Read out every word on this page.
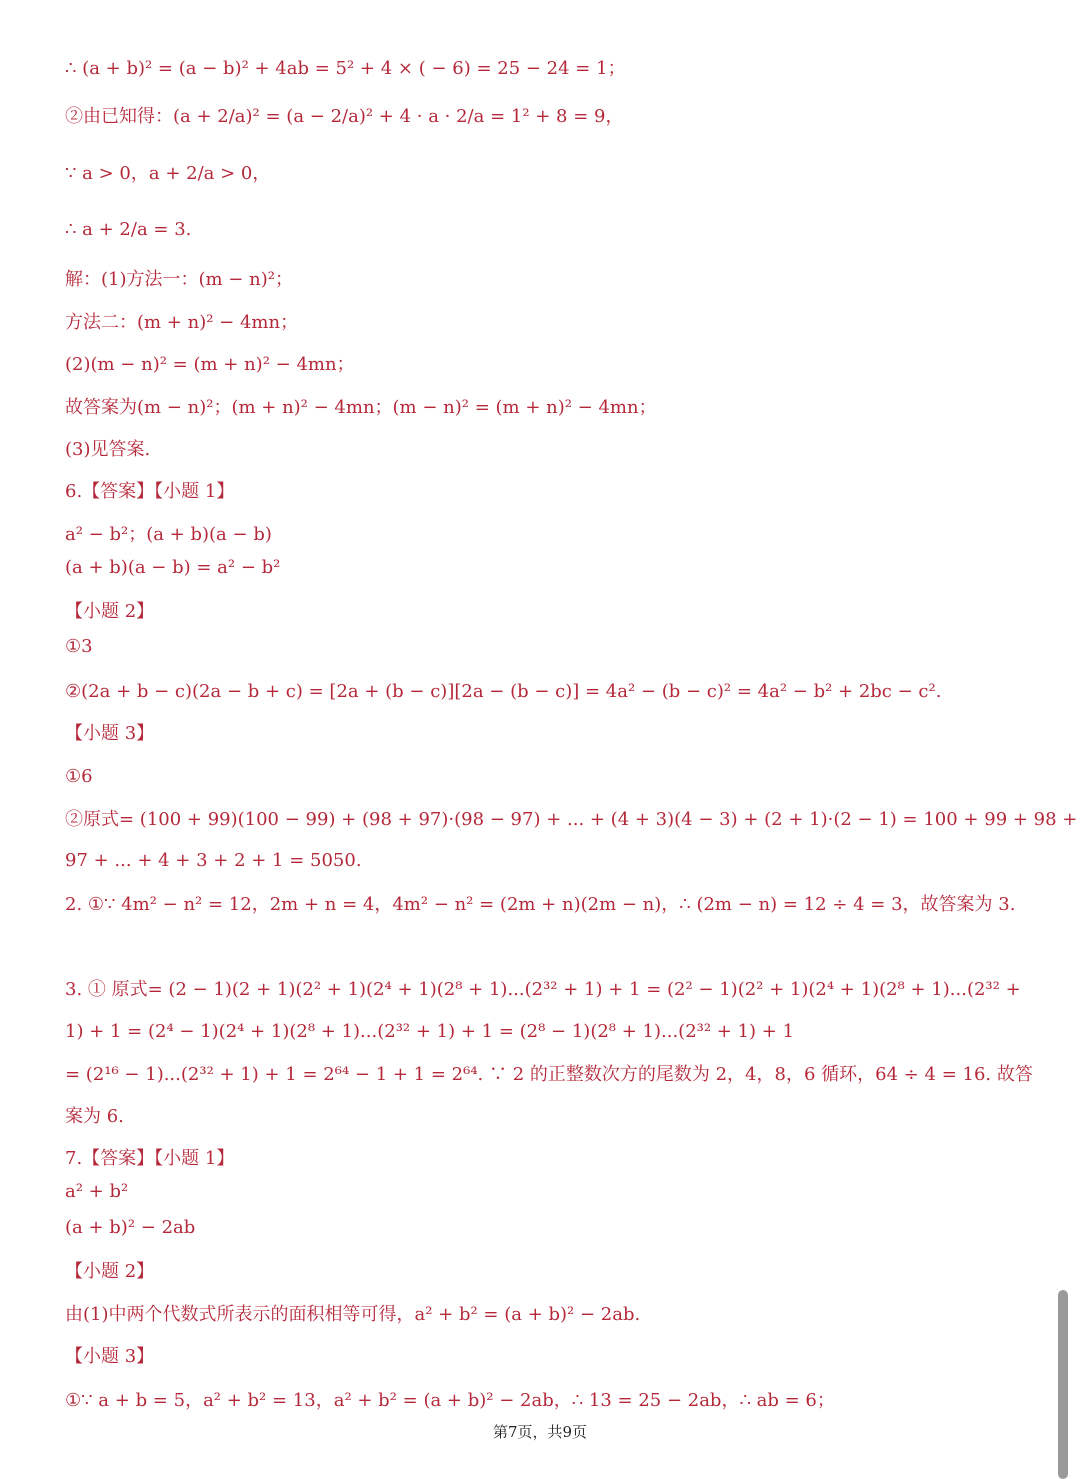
∴ (a + b)² = (a − b)² + 4ab = 5² + 4 × ( − 6) = 25 − 24 = 1；
②由已知得：(a + 2/a)² = (a − 2/a)² + 4 · a · 2/a = 1² + 8 = 9，
∵ a > 0，a + 2/a > 0，
∴ a + 2/a = 3.
解：(1)方法一：(m − n)²；
方法二：(m + n)² − 4mn；
(2)(m − n)² = (m + n)² − 4mn；
故答案为(m − n)²；(m + n)² − 4mn；(m − n)² = (m + n)² − 4mn；
(3)见答案.
6.【答案】【小题 1】
a² − b²；(a + b)(a − b)
(a + b)(a − b) = a² − b²
【小题 2】
①3
②(2a + b − c)(2a − b + c) = [2a + (b − c)][2a − (b − c)] = 4a² − (b − c)² = 4a² − b² + 2bc − c².
【小题 3】
①6
②原式= (100 + 99)(100 − 99) + (98 + 97)·(98 − 97) + ... + (4 + 3)(4 − 3) + (2 + 1)·(2 − 1) = 100 + 99 + 98 +
97 + ... + 4 + 3 + 2 + 1 = 5050.
2. ①∵ 4m² − n² = 12，2m + n = 4，4m² − n² = (2m + n)(2m − n)，∴ (2m − n) = 12 ÷ 4 = 3，故答案为 3.
3. ① 原式= (2 − 1)(2 + 1)(2² + 1)(2⁴ + 1)(2⁸ + 1)...(2³² + 1) + 1 = (2² − 1)(2² + 1)(2⁴ + 1)(2⁸ + 1)...(2³² +
1) + 1 = (2⁴ − 1)(2⁴ + 1)(2⁸ + 1)...(2³² + 1) + 1 = (2⁸ − 1)(2⁸ + 1)...(2³² + 1) + 1
= (2¹⁶ − 1)...(2³² + 1) + 1 = 2⁶⁴ − 1 + 1 = 2⁶⁴. ∵ 2 的正整数次方的尾数为 2，4，8，6 循环，64 ÷ 4 = 16. 故答
案为 6.
7.【答案】【小题 1】
a² + b²
(a + b)² − 2ab
【小题 2】
由(1)中两个代数式所表示的面积相等可得，a² + b² = (a + b)² − 2ab.
【小题 3】
①∵ a + b = 5，a² + b² = 13，a² + b² = (a + b)² − 2ab，∴ 13 = 25 − 2ab，∴ ab = 6；
第7页，共9页
